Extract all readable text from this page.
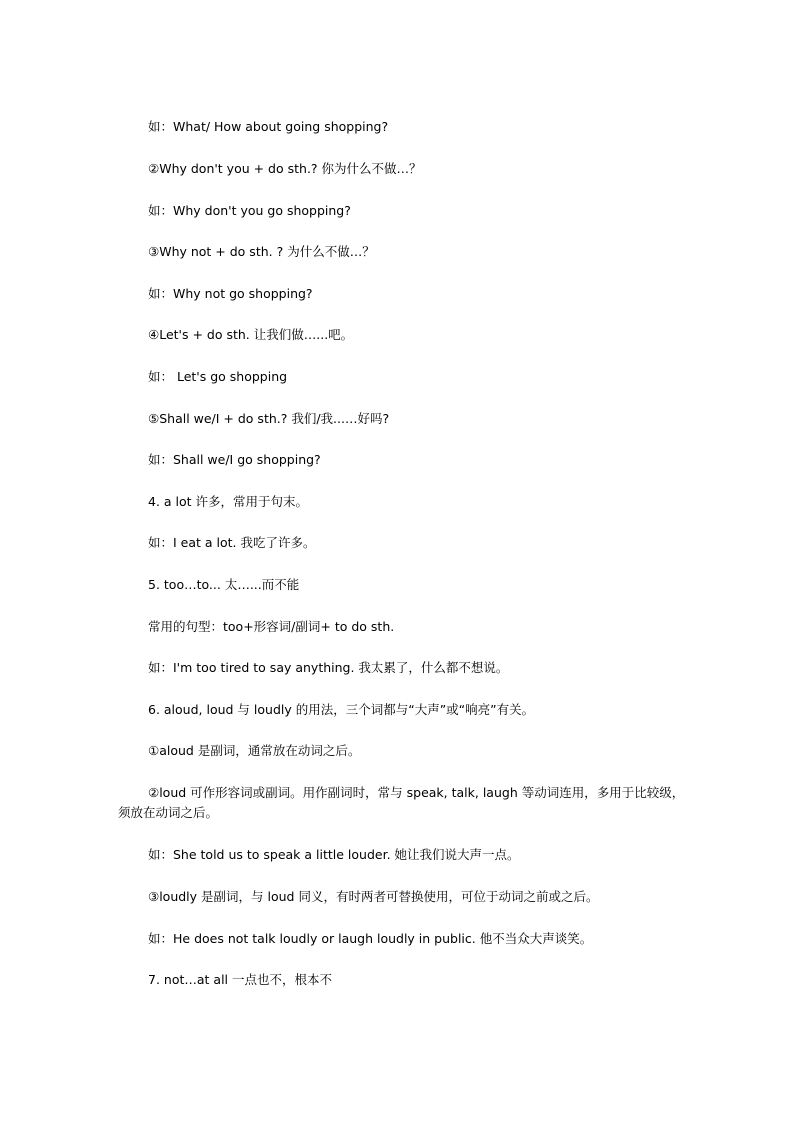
如：What/ How about going shopping?
②Why don't you + do sth.? 你为什么不做…？
如：Why don't you go shopping?
③Why not + do sth. ? 为什么不做…？
如：Why not go shopping?
④Let's + do sth. 让我们做…...吧。
如： Let's go shopping
⑤Shall we/I + do sth.? 我们/我...…好吗?
如：Shall we/I go shopping?
4. a lot 许多，常用于句末。
如：I eat a lot. 我吃了许多。
5. too…to... 太…...而不能
常用的句型：too+形容词/副词+ to do sth.
如：I'm too tired to say anything. 我太累了，什么都不想说。
6. aloud, loud 与 loudly 的用法，三个词都与“大声”或“响亮”有关。
①aloud 是副词，通常放在动词之后。
②loud 可作形容词或副词。用作副词时，常与 speak, talk, laugh 等动词连用，多用于比较级，须放在动词之后。
如：She told us to speak a little louder. 她让我们说大声一点。
③loudly 是副词，与 loud 同义，有时两者可替换使用，可位于动词之前或之后。
如：He does not talk loudly or laugh loudly in public. 他不当众大声谈笑。
7. not…at all 一点也不，根本不
